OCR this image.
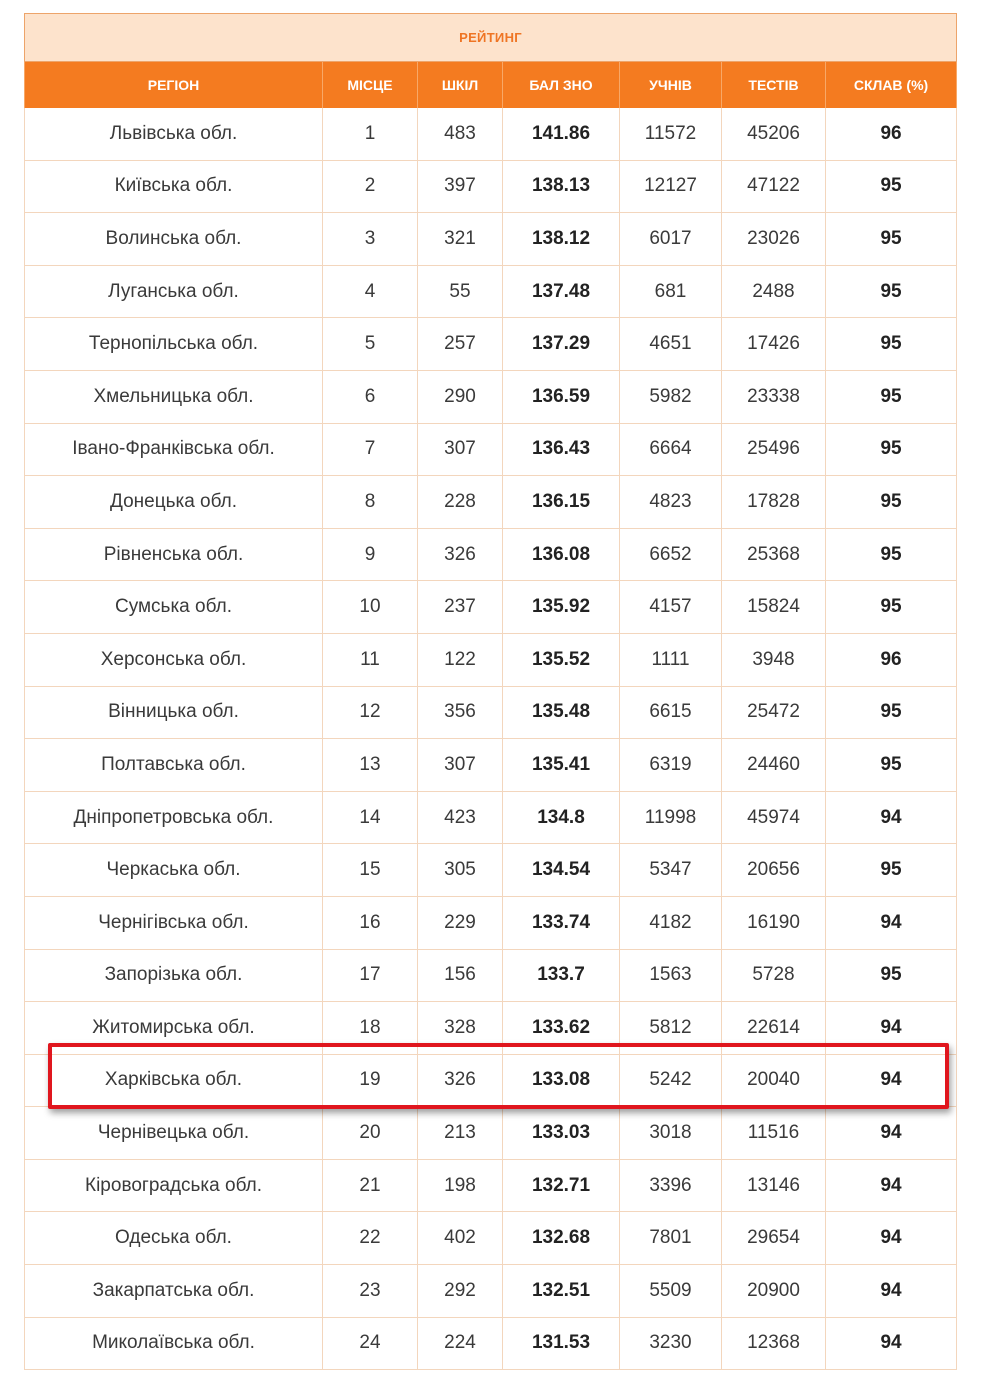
РЕЙТИНГ						
РЕГІОН	МІСЦЕ	ШКІЛ	БАЛ ЗНО	УЧНІВ	ТЕСТІВ	СКЛАВ (%)
Львівська обл.	1	483	141.86	11572	45206	96
Київська обл.	2	397	138.13	12127	47122	95
Волинська обл.	3	321	138.12	6017	23026	95
Луганська обл.	4	55	137.48	681	2488	95
Тернопільська обл.	5	257	137.29	4651	17426	95
Хмельницька обл.	6	290	136.59	5982	23338	95
Івано-Франківська обл.	7	307	136.43	6664	25496	95
Донецька обл.	8	228	136.15	4823	17828	95
Рівненська обл.	9	326	136.08	6652	25368	95
Сумська обл.	10	237	135.92	4157	15824	95
Херсонська обл.	11	122	135.52	1111	3948	96
Вінницька обл.	12	356	135.48	6615	25472	95
Полтавська обл.	13	307	135.41	6319	24460	95
Дніпропетровська обл.	14	423	134.8	11998	45974	94
Черкаська обл.	15	305	134.54	5347	20656	95
Чернігівська обл.	16	229	133.74	4182	16190	94
Запорізька обл.	17	156	133.7	1563	5728	95
Житомирська обл.	18	328	133.62	5812	22614	94
Харківська обл.	19	326	133.08	5242	20040	94
Чернівецька обл.	20	213	133.03	3018	11516	94
Кіровоградська обл.	21	198	132.71	3396	13146	94
Одеська обл.	22	402	132.68	7801	29654	94
Закарпатська обл.	23	292	132.51	5509	20900	94
Миколаївська обл.	24	224	131.53	3230	12368	94
